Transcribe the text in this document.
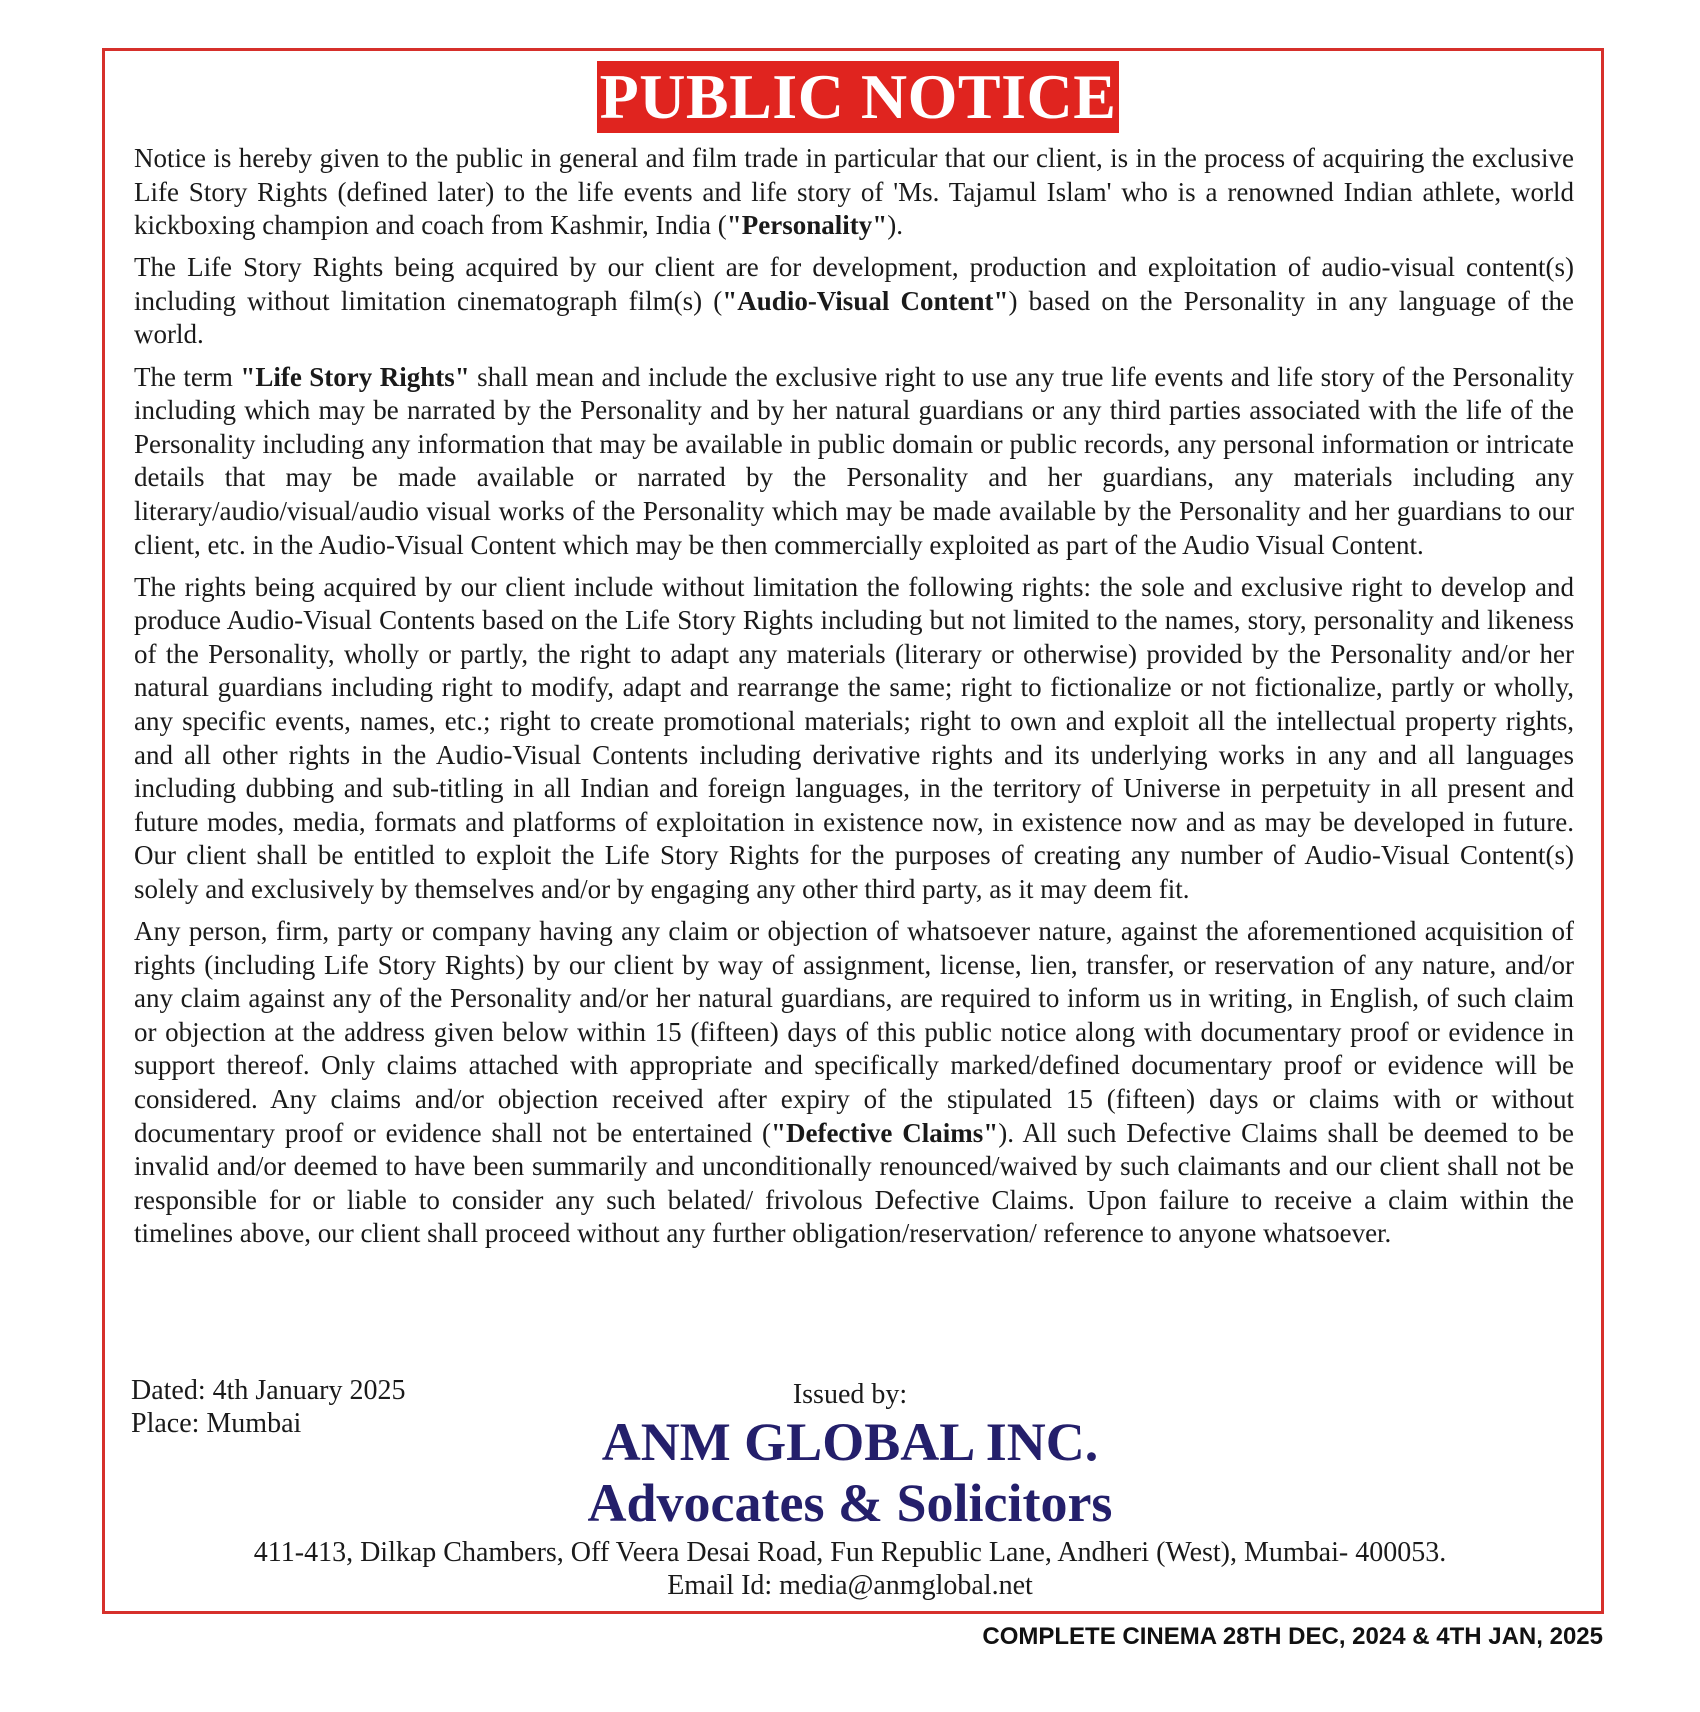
PUBLIC NOTICE

Notice is hereby given to the public in general and film trade in particular that our client, is in the process of acquiring the exclusive Life Story Rights (defined later) to the life events and life story of 'Ms. Tajamul Islam' who is a renowned Indian athlete, world kickboxing champion and coach from Kashmir, India ("Personality").

The Life Story Rights being acquired by our client are for development, production and exploitation of audio-visual content(s) including without limitation cinematograph film(s) ("Audio-Visual Content") based on the Personality in any language of the world.

The term "Life Story Rights" shall mean and include the exclusive right to use any true life events and life story of the Personality including which may be narrated by the Personality and by her natural guardians or any third parties associated with the life of the Personality including any information that may be available in public domain or public records, any personal information or intricate details that may be made available or narrated by the Personality and her guardians, any materials including any literary/audio/visual/audio visual works of the Personality which may be made available by the Personality and her guardians to our client, etc. in the Audio-Visual Content which may be then commercially exploited as part of the Audio Visual Content.

The rights being acquired by our client include without limitation the following rights: the sole and exclusive right to develop and produce Audio-Visual Contents based on the Life Story Rights including but not limited to the names, story, personality and likeness of the Personality, wholly or partly, the right to adapt any materials (literary or otherwise) provided by the Personality and/or her natural guardians including right to modify, adapt and rearrange the same; right to fictionalize or not fictionalize, partly or wholly, any specific events, names, etc.; right to create promotional materials; right to own and exploit all the intellectual property rights, and all other rights in the Audio-Visual Contents including derivative rights and its underlying works in any and all languages including dubbing and sub-titling in all Indian and foreign languages, in the territory of Universe in perpetuity in all present and future modes, media, formats and platforms of exploitation in existence now, in existence now and as may be developed in future. Our client shall be entitled to exploit the Life Story Rights for the purposes of creating any number of Audio-Visual Content(s) solely and exclusively by themselves and/or by engaging any other third party, as it may deem fit.

Any person, firm, party or company having any claim or objection of whatsoever nature, against the aforementioned acquisition of rights (including Life Story Rights) by our client by way of assignment, license, lien, transfer, or reservation of any nature, and/or any claim against any of the Personality and/or her natural guardians, are required to inform us in writing, in English, of such claim or objection at the address given below within 15 (fifteen) days of this public notice along with documentary proof or evidence in support thereof. Only claims attached with appropriate and specifically marked/defined documentary proof or evidence will be considered. Any claims and/or objection received after expiry of the stipulated 15 (fifteen) days or claims with or without documentary proof or evidence shall not be entertained ("Defective Claims"). All such Defective Claims shall be deemed to be invalid and/or deemed to have been summarily and unconditionally renounced/waived by such claimants and our client shall not be responsible for or liable to consider any such belated/ frivolous Defective Claims. Upon failure to receive a claim within the timelines above, our client shall proceed without any further obligation/reservation/ reference to anyone whatsoever.

Dated: 4th January 2025
Place: Mumbai
Issued by:
ANM GLOBAL INC.
Advocates & Solicitors
411-413, Dilkap Chambers, Off Veera Desai Road, Fun Republic Lane, Andheri (West), Mumbai- 400053.
Email Id: media@anmglobal.net
COMPLETE CINEMA 28TH DEC, 2024 & 4TH JAN, 2025
